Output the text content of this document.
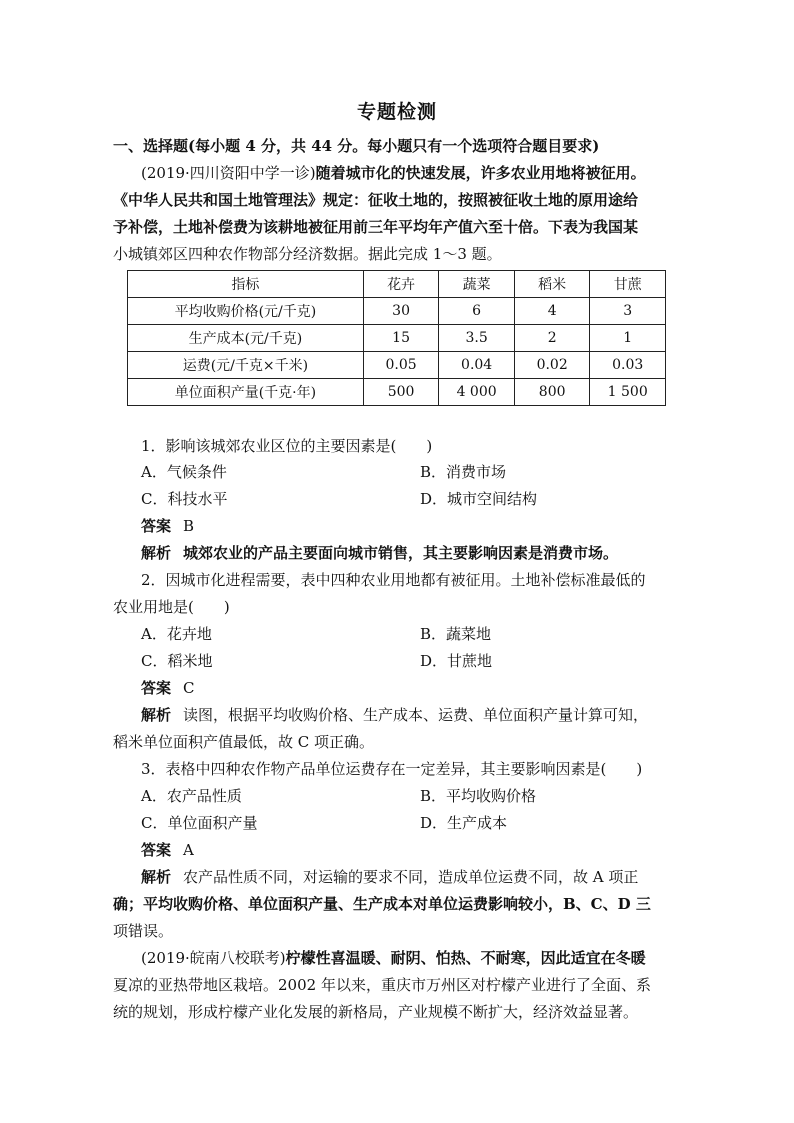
专题检测
一、选择题(每小题 4 分，共 44 分。每小题只有一个选项符合题目要求)
(2019·四川资阳中学一诊)随着城市化的快速发展，许多农业用地将被征用。
《中华人民共和国土地管理法》规定：征收土地的，按照被征收土地的原用途给
予补偿，土地补偿费为该耕地被征用前三年平均年产值六至十倍。下表为我国某
小城镇郊区四种农作物部分经济数据。据此完成 1～3 题。
指标	花卉	蔬菜	稻米	甘蔗
平均收购价格(元/千克)	30	6	4	3
生产成本(元/千克)	15	3.5	2	1
运费(元/千克×千米)	0.05	0.04	0.02	0.03
单位面积产量(千克·年)	500	4 000	800	1 500
1．影响该城郊农业区位的主要因素是(　　)
A．气候条件	B．消费市场
C．科技水平	D．城市空间结构
答案 B
解析 城郊农业的产品主要面向城市销售，其主要影响因素是消费市场。
2．因城市化进程需要，表中四种农业用地都有被征用。土地补偿标准最低的
农业用地是(　　)
A．花卉地	B．蔬菜地
C．稻米地	D．甘蔗地
答案 C
解析 读图，根据平均收购价格、生产成本、运费、单位面积产量计算可知，
稻米单位面积产值最低，故 C 项正确。
3．表格中四种农作物产品单位运费存在一定差异，其主要影响因素是(　　)
A．农产品性质	B．平均收购价格
C．单位面积产量	D．生产成本
答案 A
解析 农产品性质不同，对运输的要求不同，造成单位运费不同，故 A 项正
确；平均收购价格、单位面积产量、生产成本对单位运费影响较小，B、C、D 三
项错误。
(2019·皖南八校联考)柠檬性喜温暖、耐阴、怕热、不耐寒，因此适宜在冬暖
夏凉的亚热带地区栽培。2002 年以来，重庆市万州区对柠檬产业进行了全面、系
统的规划，形成柠檬产业化发展的新格局，产业规模不断扩大，经济效益显著。
